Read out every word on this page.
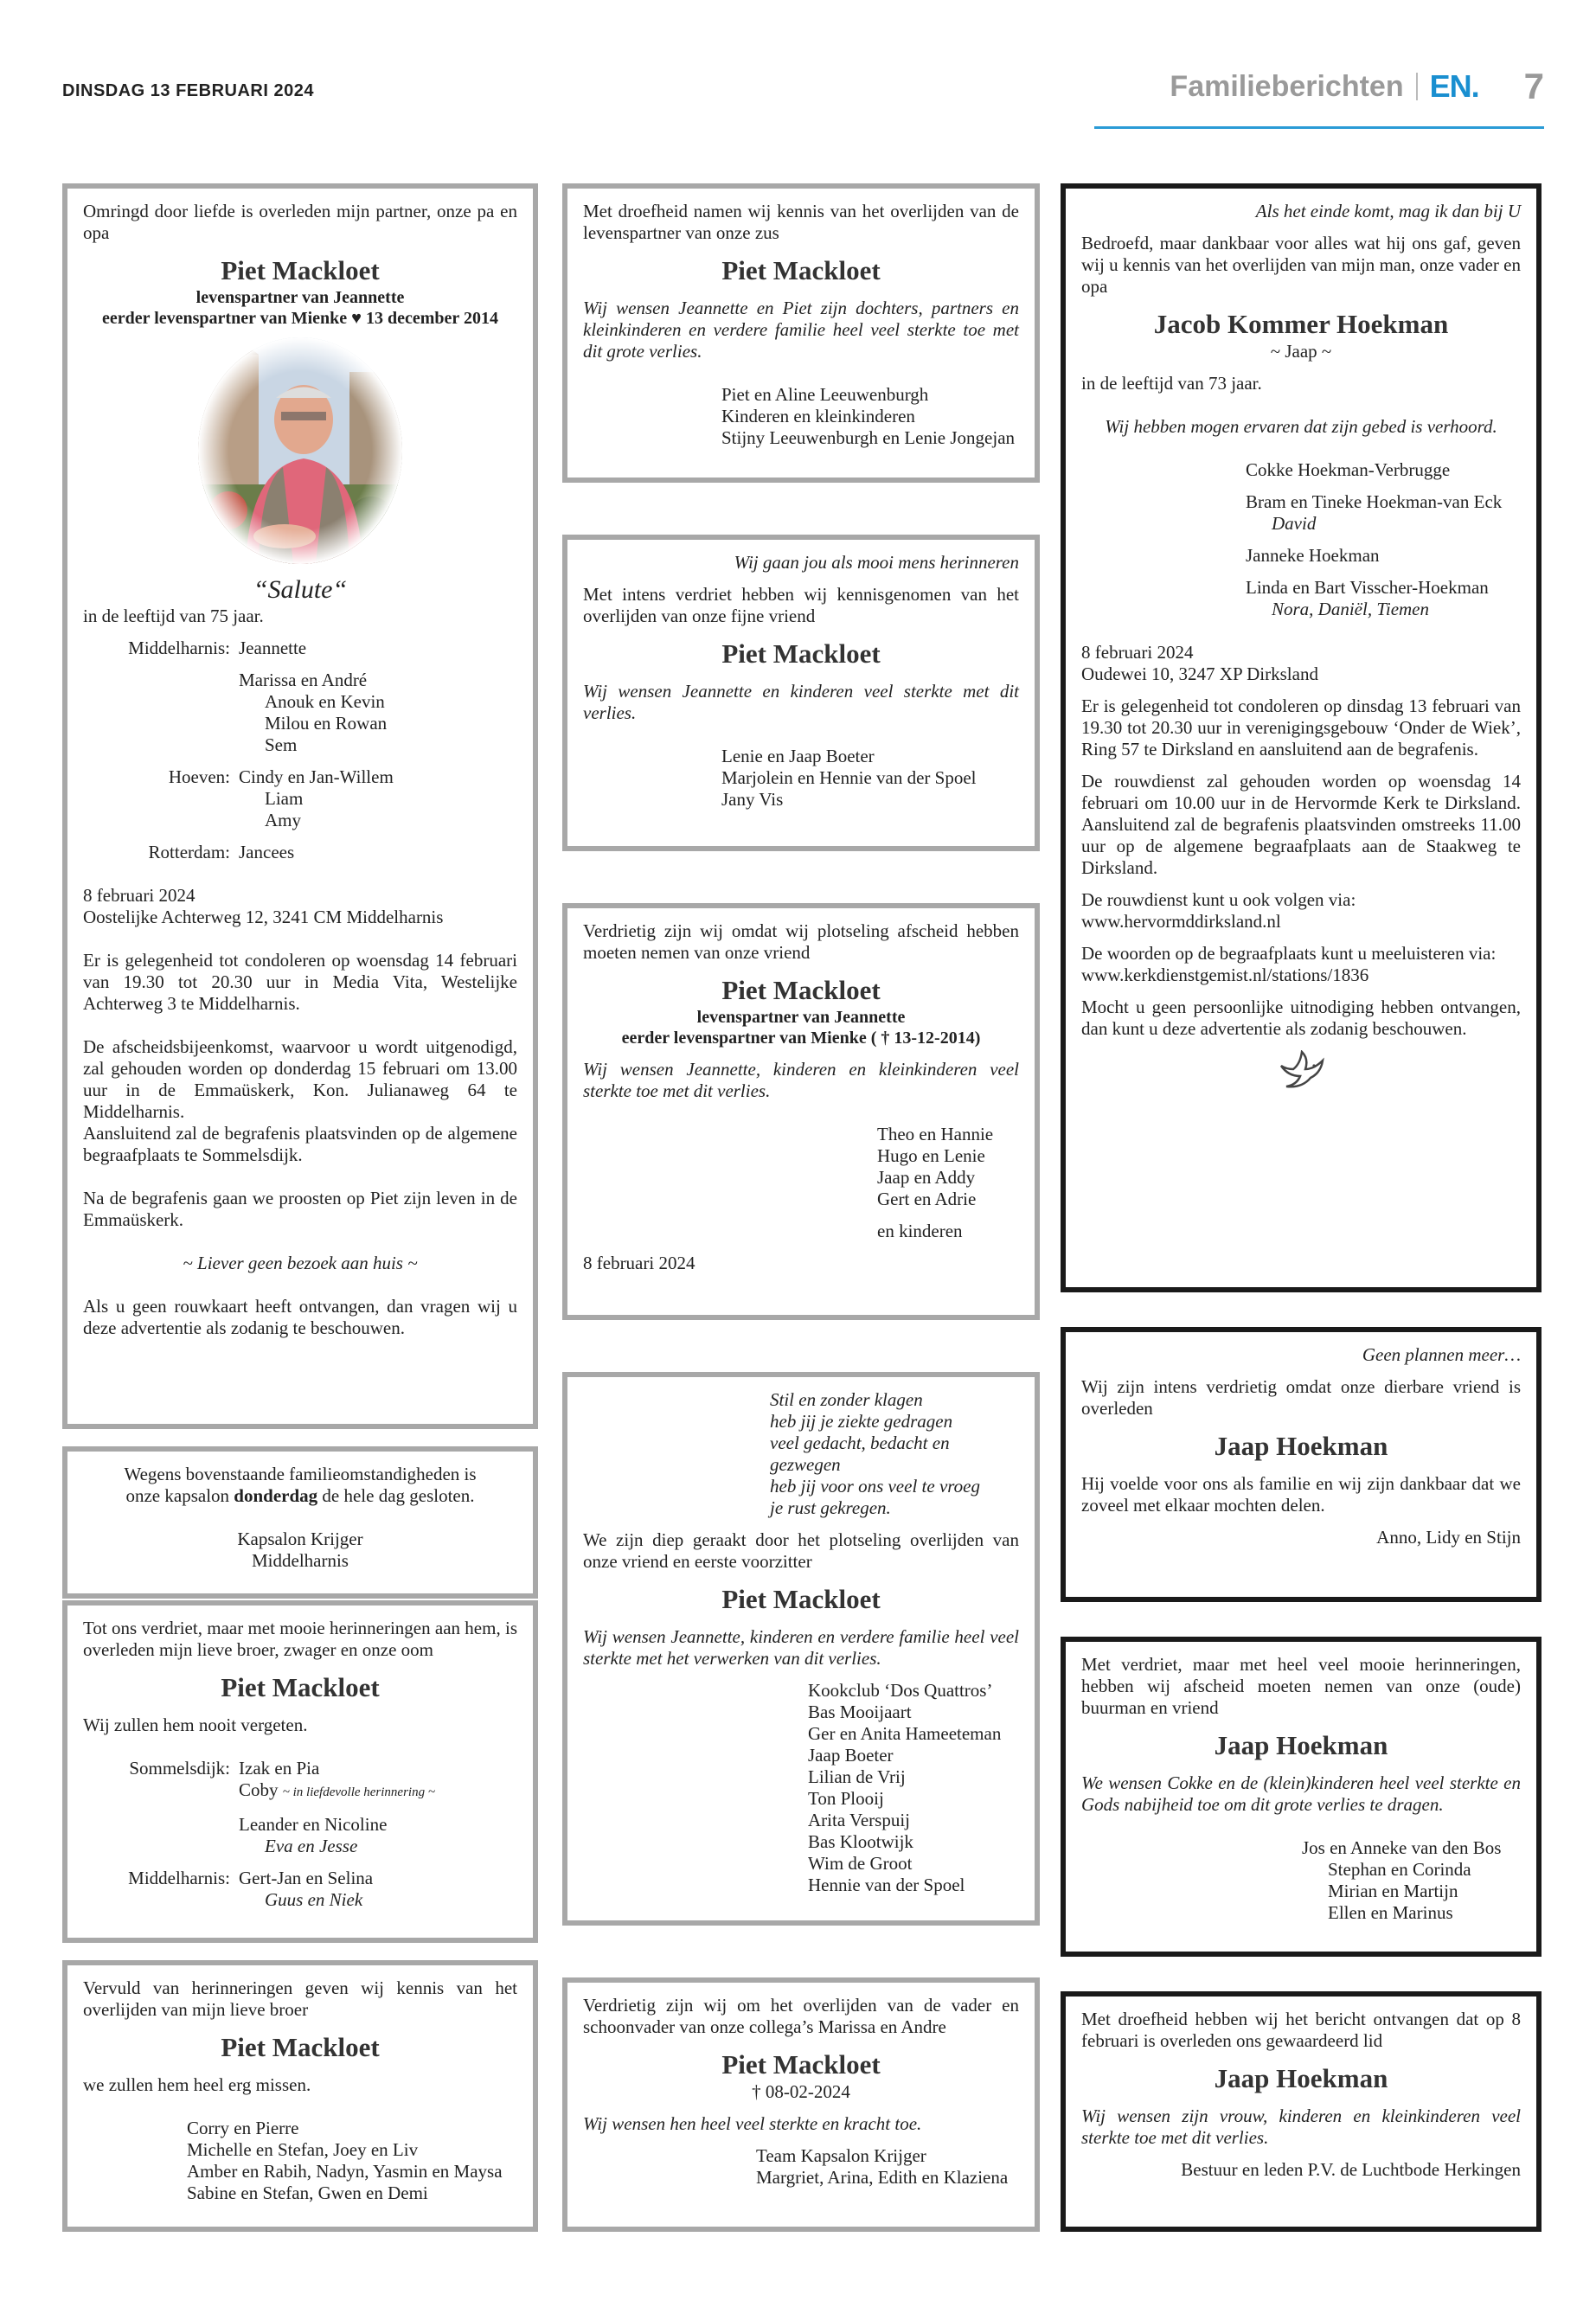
DINSDAG 13 FEBRUARI 2024	Familieberichten EN. 7

Omringd door liefde is overleden mijn partner, onze pa en opa

Piet Mackloet

levenspartner van Jeannette

eerder levenspartner van Mienke ♥ 13 december 2014

“Salute“

in de leeftijd van 75 jaar.

Middelharnis: Jeannette

Marissa en André

Anouk en Kevin

Milou en Rowan

Sem

Hoeven: Cindy en Jan-Willem

Liam

Amy

Rotterdam: Jancees

8 februari 2024

Oostelijke Achterweg 12, 3241 CM Middelharnis

Er is gelegenheid tot condoleren op woensdag 14 februari van 19.30 tot 20.30 uur in Media Vita, Westelijke Achterweg 3 te Middelharnis.

De afscheidsbijeenkomst, waarvoor u wordt uitgenodigd, zal gehouden worden op donderdag 15 februari om 13.00 uur in de Emmaüskerk, Kon. Julianaweg 64 te Middelharnis.

Aansluitend zal de begrafenis plaatsvinden op de algemene begraafplaats te Sommelsdijk.

Na de begrafenis gaan we proosten op Piet zijn leven in de Emmaüskerk.

~ Liever geen bezoek aan huis ~

Als u geen rouwkaart heeft ontvangen, dan vragen wij u deze advertentie als zodanig te beschouwen.

Wegens bovenstaande familieomstandigheden is

onze kapsalon donderdag de hele dag gesloten.

Kapsalon Krijger

Middelharnis

Tot ons verdriet, maar met mooie herinneringen aan hem, is overleden mijn lieve broer, zwager en onze oom

Piet Mackloet

Wij zullen hem nooit vergeten.

Sommelsdijk: Izak en Pia

Coby ~ in liefdevolle herinnering ~

Leander en Nicoline

Eva en Jesse

Middelharnis: Gert-Jan en Selina

Guus en Niek

Vervuld van herinneringen geven wij kennis van het overlijden van mijn lieve broer

Piet Mackloet

we zullen hem heel erg missen.

Corry en Pierre

Michelle en Stefan, Joey en Liv

Amber en Rabih, Nadyn, Yasmin en Maysa

Sabine en Stefan, Gwen en Demi

Met droefheid namen wij kennis van het overlijden van de levenspartner van onze zus

Piet Mackloet

Wij wensen Jeannette en Piet zijn dochters, partners en kleinkinderen en verdere familie heel veel sterkte toe met dit grote verlies.

Piet en Aline Leeuwenburgh

Kinderen en kleinkinderen

Stijny Leeuwenburgh en Lenie Jongejan

Wij gaan jou als mooi mens herinneren

Met intens verdriet hebben wij kennisgenomen van het overlijden van onze fijne vriend

Piet Mackloet

Wij wensen Jeannette en kinderen veel sterkte met dit verlies.

Lenie en Jaap Boeter

Marjolein en Hennie van der Spoel

Jany Vis

Verdrietig zijn wij omdat wij plotseling afscheid hebben moeten nemen van onze vriend

Piet Mackloet

levenspartner van Jeannette

eerder levenspartner van Mienke ( † 13-12-2014)

Wij wensen Jeannette, kinderen en kleinkinderen veel sterkte toe met dit verlies.

Theo en Hannie

Hugo en Lenie

Jaap en Addy

Gert en Adrie

en kinderen

8 februari 2024

Stil en zonder klagen

heb jij je ziekte gedragen

veel gedacht, bedacht en gezwegen

heb jij voor ons veel te vroeg

je rust gekregen.

We zijn diep geraakt door het plotseling overlijden van onze vriend en eerste voorzitter

Piet Mackloet

Wij wensen Jeannette, kinderen en verdere familie heel veel sterkte met het verwerken van dit verlies.

Kookclub ‘Dos Quattros’

Bas Mooijaart

Ger en Anita Hameeteman

Jaap Boeter

Lilian de Vrij

Ton Plooij

Arita Verspuij

Bas Klootwijk

Wim de Groot

Hennie van der Spoel

Verdrietig zijn wij om het overlijden van de vader en schoonvader van onze collega’s Marissa en Andre

Piet Mackloet

† 08-02-2024

Wij wensen hen heel veel sterkte en kracht toe.

Team Kapsalon Krijger

Margriet, Arina, Edith en Klaziena

Als het einde komt, mag ik dan bij U

Bedroefd, maar dankbaar voor alles wat hij ons gaf, geven wij u kennis van het overlijden van mijn man, onze vader en opa

Jacob Kommer Hoekman

~ Jaap ~

in de leeftijd van 73 jaar.

Wij hebben mogen ervaren dat zijn gebed is verhoord.

Cokke Hoekman-Verbrugge

Bram en Tineke Hoekman-van Eck

David

Janneke Hoekman

Linda en Bart Visscher-Hoekman

Nora, Daniël, Tiemen

8 februari 2024

Oudewei 10, 3247 XP Dirksland

Er is gelegenheid tot condoleren op dinsdag 13 februari van 19.30 tot 20.30 uur in verenigingsgebouw ‘Onder de Wiek’, Ring 57 te Dirksland en aansluitend aan de begrafenis.

De rouwdienst zal gehouden worden op woensdag 14 februari om 10.00 uur in de Hervormde Kerk te Dirksland. Aansluitend zal de begrafenis plaatsvinden omstreeks 11.00 uur op de algemene begraafplaats aan de Staakweg te Dirksland.

De rouwdienst kunt u ook volgen via:

www.hervormddirksland.nl

De woorden op de begraafplaats kunt u meeluisteren via:

www.kerkdienstgemist.nl/stations/1836

Mocht u geen persoonlijke uitnodiging hebben ontvangen, dan kunt u deze advertentie als zodanig beschouwen.

Geen plannen meer…

Wij zijn intens verdrietig omdat onze dierbare vriend is overleden

Jaap Hoekman

Hij voelde voor ons als familie en wij zijn dankbaar dat we zoveel met elkaar mochten delen.

Anno, Lidy en Stijn

Met verdriet, maar met heel veel mooie herinneringen, hebben wij afscheid moeten nemen van onze (oude) buurman en vriend

Jaap Hoekman

We wensen Cokke en de (klein)kinderen heel veel sterkte en Gods nabijheid toe om dit grote verlies te dragen.

Jos en Anneke van den Bos

Stephan en Corinda

Mirian en Martijn

Ellen en Marinus

Met droefheid hebben wij het bericht ontvangen dat op 8 februari is overleden ons gewaardeerd lid

Jaap Hoekman

Wij wensen zijn vrouw, kinderen en kleinkinderen veel sterkte toe met dit verlies.

Bestuur en leden P.V. de Luchtbode Herkingen
